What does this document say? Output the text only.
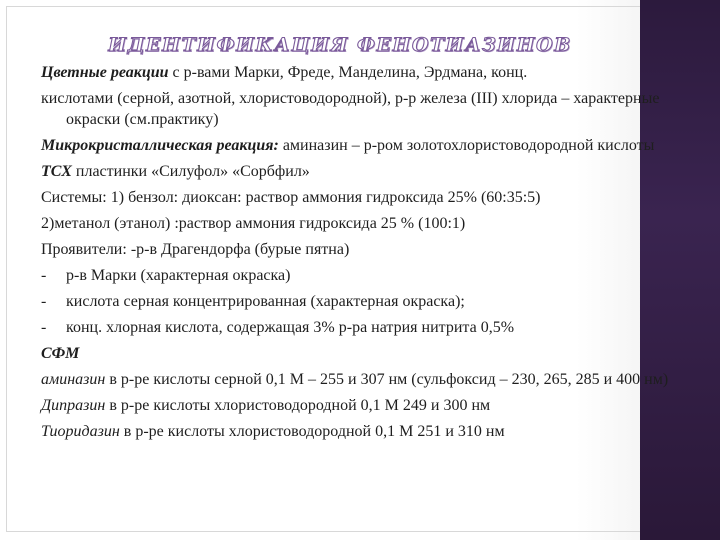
ИДЕНТИФИКАЦИЯ ФЕНОТИАЗИНОВ
Цветные реакции с р-вами Марки, Фреде, Манделина, Эрдмана, конц.
кислотами (серной, азотной, хлористоводородной), р-р железа (III) хлорида – характерные окраски (см.практику)
Микрокристаллическая реакция: аминазин – р-ром золотохлористоводородной кислоты
ТСХ пластинки «Силуфол» «Сорбфил»
Системы: 1) бензол: диоксан: раствор аммония гидроксида 25% (60:35:5)
2)метанол (этанол) :раствор аммония гидроксида 25 % (100:1)
Проявители: -р-в Драгендорфа (бурые пятна)
- р-в Марки (характерная окраска)
- кислота серная концентрированная (характерная окраска);
- конц. хлорная кислота, содержащая 3% р-ра натрия нитрита 0,5%
СФМ
аминазин в р-ре кислоты серной 0,1 М – 255 и 307 нм (сульфоксид – 230, 265, 285 и 400 нм)
Дипразин в р-ре кислоты хлористоводородной 0,1 М 249 и 300 нм
Тиоридазин в р-ре кислоты хлористоводородной 0,1 М 251 и 310 нм
